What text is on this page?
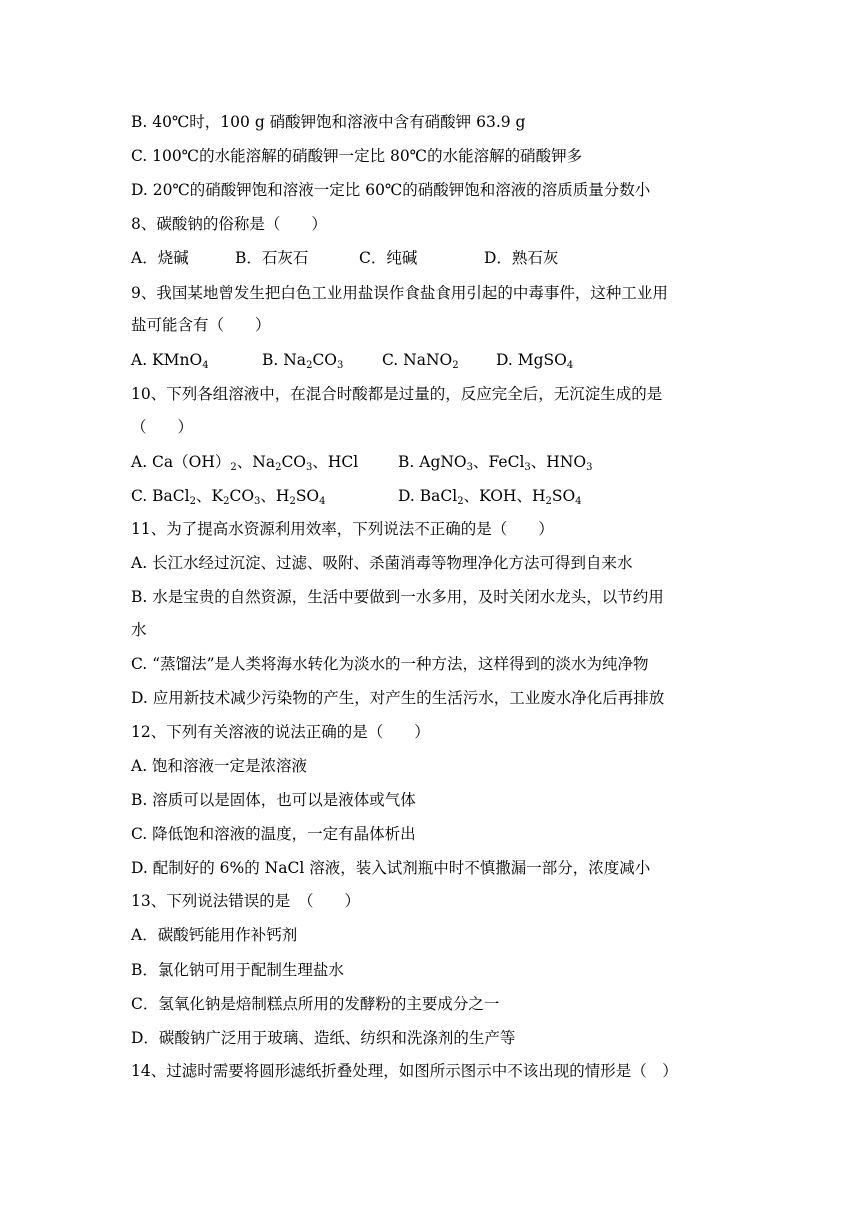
B. 40℃时，100 g 硝酸钾饱和溶液中含有硝酸钾 63.9 g
C. 100℃的水能溶解的硝酸钾一定比 80℃的水能溶解的硝酸钾多
D. 20℃的硝酸钾饱和溶液一定比 60℃的硝酸钾饱和溶液的溶质质量分数小
8、碳酸钠的俗称是（　　）
A．烧碱	B．石灰石	C．纯碱	D．熟石灰
9、我国某地曾发生把白色工业用盐误作食盐食用引起的中毒事件，这种工业用
盐可能含有（　　）
A. KMnO$_4$	B. $Na_2CO_3$	C. NaNO$_2$	D. MgSO$_4$
10、下列各组溶液中，在混合时酸都是过量的，反应完全后，无沉淀生成的是
（　　）
A. $Ca(OH)_2$、$Na_2CO_3$、HCl	B. AgNO$_3$、FeCl$_3$、$HNO_3$
C. BaCl$_2$、$K_2CO_3$、$H_2SO_4$	D. BaCl$_2$、KOH、$H_2SO_4$
11、为了提高水资源利用效率，下列说法不正确的是（　　）
A. 长江水经过沉淀、过滤、吸附、杀菌消毒等物理净化方法可得到自来水
B. 水是宝贵的自然资源，生活中要做到一水多用，及时关闭水龙头，以节约用
水
C. “蒸馏法”是人类将海水转化为淡水的一种方法，这样得到的淡水为纯净物
D. 应用新技术减少污染物的产生，对产生的生活污水，工业废水净化后再排放
12、下列有关溶液的说法正确的是（　　）
A. 饱和溶液一定是浓溶液
B. 溶质可以是固体，也可以是液体或气体
C. 降低饱和溶液的温度，一定有晶体析出
D. 配制好的 6%的 NaCl 溶液，装入试剂瓶中时不慎撒漏一部分，浓度减小
13、下列说法错误的是　（　　）
A．碳酸钙能用作补钙剂
B．氯化钠可用于配制生理盐水
C．氢氧化钠是焙制糕点所用的发酵粉的主要成分之一
D．碳酸钠广泛用于玻璃、造纸、纺织和洗涤剂的生产等
14、过滤时需要将圆形滤纸折叠处理，如图所示图示中不该出现的情形是（　）
